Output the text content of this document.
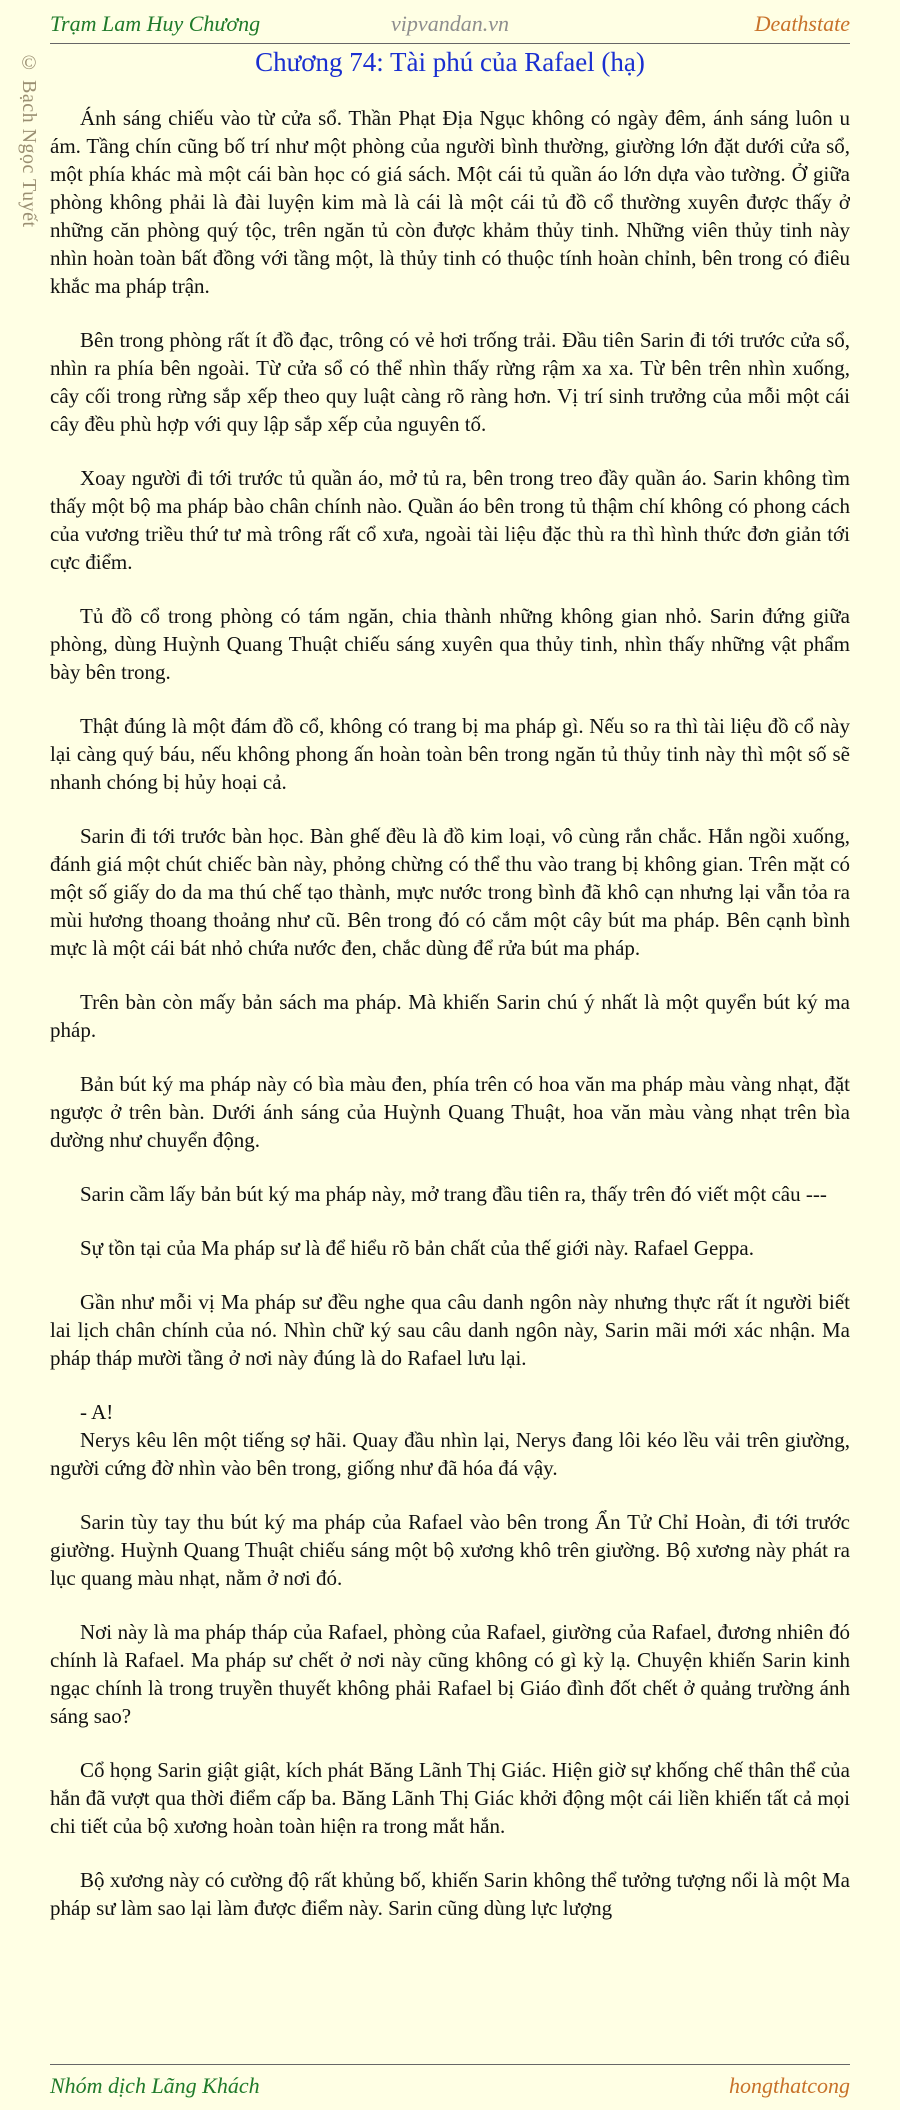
Trạm Lam Huy Chương	vipvandan.vn	Deathstate
© Bạch Ngọc Tuyết	Chương 74: Tài phú của Rafael (hạ)

Ánh sáng chiếu vào từ cửa sổ. Thần Phạt Địa Ngục không có ngày đêm, ánh sáng luôn u ám. Tầng chín cũng bố trí như một phòng của người bình thường, giường lớn đặt dưới cửa sổ, một phía khác mà một cái bàn học có giá sách. Một cái tủ quần áo lớn dựa vào tường. Ở giữa phòng không phải là đài luyện kim mà là cái là một cái tủ đồ cổ thường xuyên được thấy ở những căn phòng quý tộc, trên ngăn tủ còn được khảm thủy tinh. Những viên thủy tinh này nhìn hoàn toàn bất đồng với tầng một, là thủy tinh có thuộc tính hoàn chỉnh, bên trong có điêu khắc ma pháp trận.

Bên trong phòng rất ít đồ đạc, trông có vẻ hơi trống trải. Đầu tiên Sarin đi tới trước cửa sổ, nhìn ra phía bên ngoài. Từ cửa sổ có thể nhìn thấy rừng rậm xa xa. Từ bên trên nhìn xuống, cây cối trong rừng sắp xếp theo quy luật càng rõ ràng hơn. Vị trí sinh trưởng của mỗi một cái cây đều phù hợp với quy lập sắp xếp của nguyên tố.

Xoay người đi tới trước tủ quần áo, mở tủ ra, bên trong treo đầy quần áo. Sarin không tìm thấy một bộ ma pháp bào chân chính nào. Quần áo bên trong tủ thậm chí không có phong cách của vương triều thứ tư mà trông rất cổ xưa, ngoài tài liệu đặc thù ra thì hình thức đơn giản tới cực điểm.

Tủ đồ cổ trong phòng có tám ngăn, chia thành những không gian nhỏ. Sarin đứng giữa phòng, dùng Huỳnh Quang Thuật chiếu sáng xuyên qua thủy tinh, nhìn thấy những vật phẩm bày bên trong.

Thật đúng là một đám đồ cổ, không có trang bị ma pháp gì. Nếu so ra thì tài liệu đồ cổ này lại càng quý báu, nếu không phong ấn hoàn toàn bên trong ngăn tủ thủy tinh này thì một số sẽ nhanh chóng bị hủy hoại cả.

Sarin đi tới trước bàn học. Bàn ghế đều là đồ kim loại, vô cùng rắn chắc. Hắn ngồi xuống, đánh giá một chút chiếc bàn này, phỏng chừng có thể thu vào trang bị không gian. Trên mặt có một số giấy do da ma thú chế tạo thành, mực nước trong bình đã khô cạn nhưng lại vẫn tỏa ra mùi hương thoang thoảng như cũ. Bên trong đó có cắm một cây bút ma pháp. Bên cạnh bình mực là một cái bát nhỏ chứa nước đen, chắc dùng để rửa bút ma pháp.

Trên bàn còn mấy bản sách ma pháp. Mà khiến Sarin chú ý nhất là một quyển bút ký ma pháp.

Bản bút ký ma pháp này có bìa màu đen, phía trên có hoa văn ma pháp màu vàng nhạt, đặt ngược ở trên bàn. Dưới ánh sáng của Huỳnh Quang Thuật, hoa văn màu vàng nhạt trên bìa dường như chuyển động.

Sarin cầm lấy bản bút ký ma pháp này, mở trang đầu tiên ra, thấy trên đó viết một câu ---

Sự tồn tại của Ma pháp sư là để hiểu rõ bản chất của thế giới này. Rafael Geppa.

Gần như mỗi vị Ma pháp sư đều nghe qua câu danh ngôn này nhưng thực rất ít người biết lai lịch chân chính của nó. Nhìn chữ ký sau câu danh ngôn này, Sarin mãi mới xác nhận. Ma pháp tháp mười tầng ở nơi này đúng là do Rafael lưu lại.

- A!

Nerys kêu lên một tiếng sợ hãi. Quay đầu nhìn lại, Nerys đang lôi kéo lều vải trên giường, người cứng đờ nhìn vào bên trong, giống như đã hóa đá vậy.

Sarin tùy tay thu bút ký ma pháp của Rafael vào bên trong Ẩn Tử Chỉ Hoàn, đi tới trước giường. Huỳnh Quang Thuật chiếu sáng một bộ xương khô trên giường. Bộ xương này phát ra lục quang màu nhạt, nằm ở nơi đó.

Nơi này là ma pháp tháp của Rafael, phòng của Rafael, giường của Rafael, đương nhiên đó chính là Rafael. Ma pháp sư chết ở nơi này cũng không có gì kỳ lạ. Chuyện khiến Sarin kinh ngạc chính là trong truyền thuyết không phải Rafael bị Giáo đình đốt chết ở quảng trường ánh sáng sao?

Cổ họng Sarin giật giật, kích phát Băng Lãnh Thị Giác. Hiện giờ sự khống chế thân thể của hắn đã vượt qua thời điểm cấp ba. Băng Lãnh Thị Giác khởi động một cái liền khiến tất cả mọi chi tiết của bộ xương hoàn toàn hiện ra trong mắt hắn.

Bộ xương này có cường độ rất khủng bố, khiến Sarin không thể tưởng tượng nổi là một Ma pháp sư làm sao lại làm được điểm này. Sarin cũng dùng lực lượng

Nhóm dịch Lãng Khách	hongthatcong
